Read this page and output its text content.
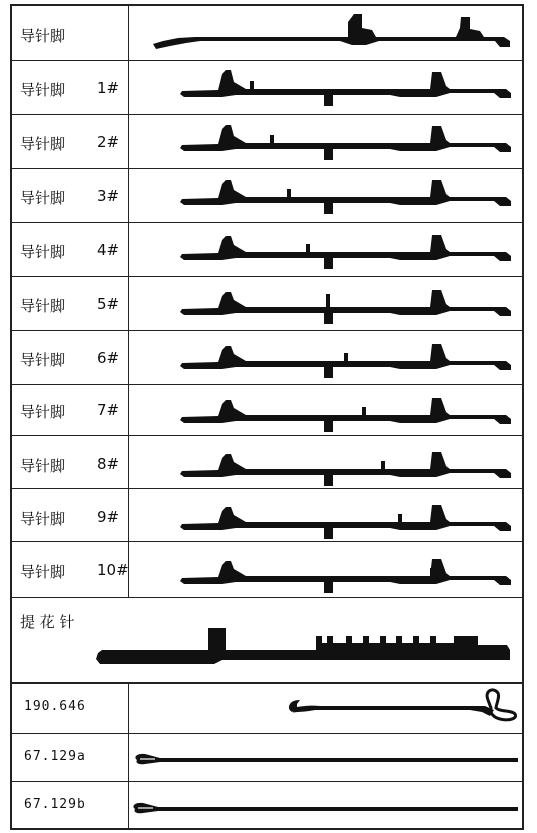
导针脚
导针脚 1#
导针脚 2#
导针脚 3#
导针脚 4#
导针脚 5#
导针脚 6#
导针脚 7#
导针脚 8#
导针脚 9#
导针脚 10#
提 花 针
190.646
67.129a
67.129b
